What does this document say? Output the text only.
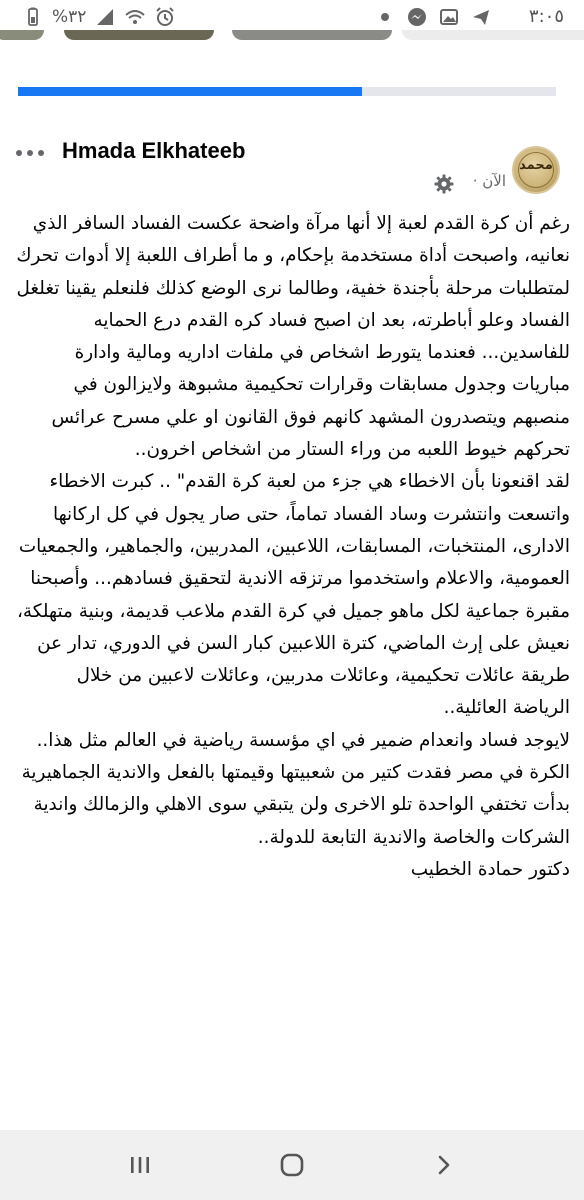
٣:٠٥
%٣٢
Hmada Elkhateeb
محمد
الآن ·

رغم أن كرة القدم لعبة إلا أنها مرآة واضحة عكست الفساد السافر الذي نعانيه، واصبحت أداة مستخدمة بإحكام، و ما أطراف اللعبة إلا أدوات تحرك لمتطلبات مرحلة بأجندة خفية، وطالما نرى الوضع كذلك فلنعلم يقينا تغلغل الفساد وعلو أباطرته، بعد ان اصبح فساد كره القدم درع الحمايه للفاسدين... فعندما يتورط اشخاص في ملفات اداريه ومالية وادارة مباريات وجدول مسابقات وقرارات تحكيمية مشبوهة ولايزالون في منصبهم ويتصدرون المشهد كانهم فوق القانون او علي مسرح عرائس تحركهم خيوط اللعبه من وراء الستار من اشخاص اخرون..

لقد اقنعونا بأن الاخطاء هي جزء من لعبة كرة القدم" .. كبرت الاخطاء واتسعت وانتشرت وساد الفساد تماماً، حتى صار يجول في كل اركانها الادارى، المنتخبات، المسابقات، اللاعبين، المدربين، والجماهير، والجمعيات العمومية، والاعلام واستخدموا مرتزقه الاندية لتحقيق فسادهم... وأصبحنا مقبرة جماعية لكل ماهو جميل في كرة القدم ملاعب قديمة، وبنية متهلكة، نعيش على إرث الماضي، كترة اللاعبين كبار السن في الدوري، تدار عن طريقة عائلات تحكيمية، وعائلات مدربين، وعائلات لاعبين من خلال الرياضة العائلية..

لايوجد فساد وانعدام ضمير في اي مؤسسة رياضية في العالم مثل هذا.. الكرة في مصر فقدت كتير من شعبيتها وقيمتها بالفعل والاندية الجماهيرية بدأت تختفي الواحدة تلو الاخرى ولن يتبقي سوى الاهلي والزمالك واندية الشركات والخاصة والاندية التابعة للدولة..

دكتور حمادة الخطيب
